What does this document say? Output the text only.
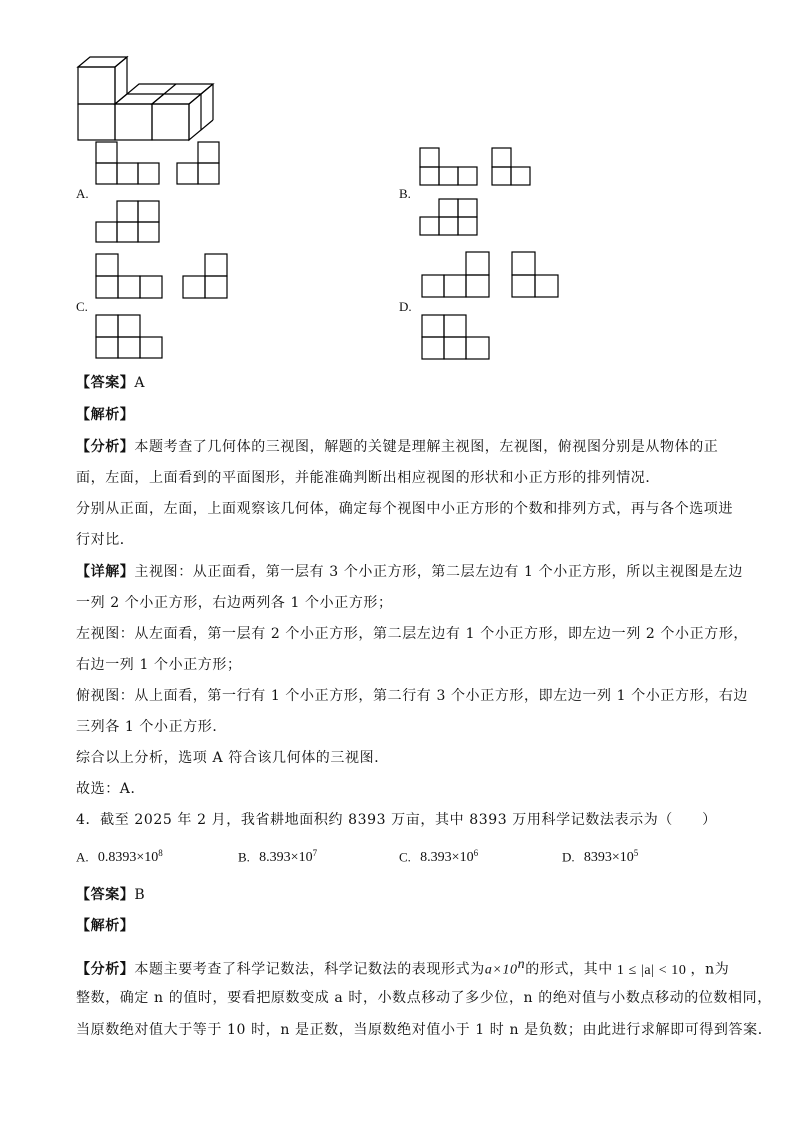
A.	B.
C.	D.
【答案】A
【解析】
【分析】本题考查了几何体的三视图，解题的关键是理解主视图，左视图，俯视图分别是从物体的正
面，左面，上面看到的平面图形，并能准确判断出相应视图的形状和小正方形的排列情况．
分别从正面，左面，上面观察该几何体，确定每个视图中小正方形的个数和排列方式，再与各个选项进
行对比．
【详解】主视图：从正面看，第一层有 3 个小正方形，第二层左边有 1 个小正方形，所以主视图是左边
一列 2 个小正方形，右边两列各 1 个小正方形；
左视图：从左面看，第一层有 2 个小正方形，第二层左边有 1 个小正方形，即左边一列 2 个小正方形，
右边一列 1 个小正方形；
俯视图：从上面看，第一行有 1 个小正方形，第二行有 3 个小正方形，即左边一列 1 个小正方形，右边
三列各 1 个小正方形．
综合以上分析，选项 A 符合该几何体的三视图．
故选：A．
4．截至 2025 年 2 月，我省耕地面积约 8393 万亩，其中 8393 万用科学记数法表示为（　　）
A. $0.8393\times 10^8$	B. $8.393\times 10^7$	C. $8.393\times 10^6$	D. $8393\times 10^5$
【答案】B
【解析】
【分析】本题主要考查了科学记数法，科学记数法的表现形式为$a\times 10^n$的形式，其中 1 ≤ |a| < 10 ，n为
整数，确定 n 的值时，要看把原数变成 a 时，小数点移动了多少位，n 的绝对值与小数点移动的位数相同，
当原数绝对值大于等于 10 时，n 是正数，当原数绝对值小于 1 时 n 是负数；由此进行求解即可得到答案．
